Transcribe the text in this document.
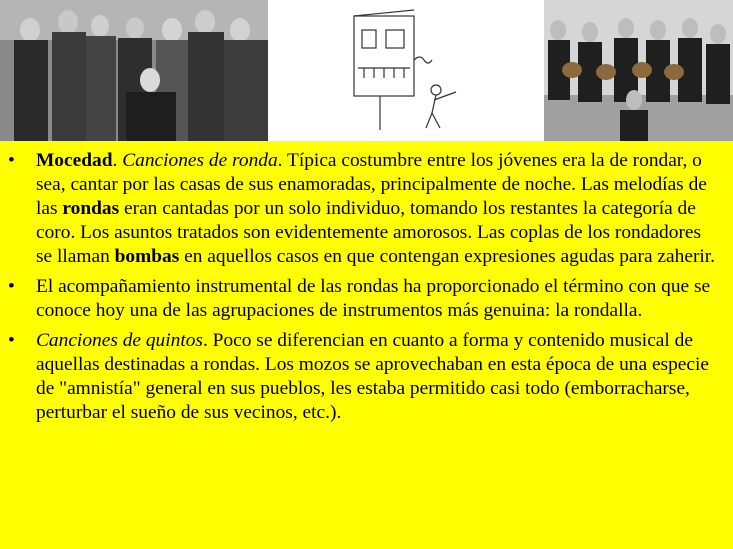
• Mocedad. Canciones de ronda. Típica costumbre entre los jóvenes era la de rondar, o sea, cantar por las casas de sus enamoradas, principalmente de noche. Las melodías de las rondas eran cantadas por un solo individuo, tomando los restantes la categoría de coro. Los asuntos tratados son evidentemente amorosos. Las coplas de los rondadores se llaman bombas en aquellos casos en que contengan expresiones agudas para zaherir.
• El acompañamiento instrumental de las rondas ha proporcionado el término con que se conoce hoy una de las agrupaciones de instrumentos más genuina: la rondalla.
• Canciones de quintos. Poco se diferencian en cuanto a forma y contenido musical de aquellas destinadas a rondas. Los mozos se aprovechaban en esta época de una especie de "amnistía" general en sus pueblos, les estaba permitido casi todo (emborracharse, perturbar el sueño de sus vecinos, etc.).
